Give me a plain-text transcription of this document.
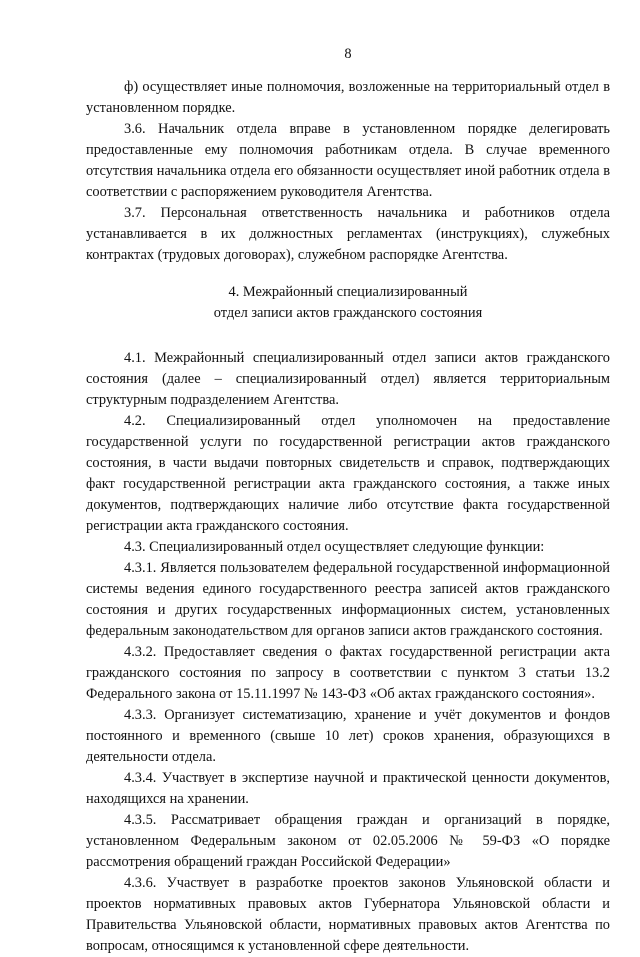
8

ф) осуществляет иные полномочия, возложенные на территориальный отдел в установленном порядке.

3.6. Начальник отдела вправе в установленном порядке делегировать предоставленные ему полномочия работникам отдела. В случае временного отсутствия начальника отдела его обязанности осуществляет иной работник отдела в соответствии с распоряжением руководителя Агентства.

3.7. Персональная ответственность начальника и работников отдела устанавливается в их должностных регламентах (инструкциях), служебных контрактах (трудовых договорах), служебном распорядке Агентства.

4. Межрайонный специализированный
отдел записи актов гражданского состояния

4.1. Межрайонный специализированный отдел записи актов гражданского состояния (далее – специализированный отдел) является территориальным структурным подразделением Агентства.

4.2. Специализированный отдел уполномочен на предоставление государственной услуги по государственной регистрации актов гражданского состояния, в части выдачи повторных свидетельств и справок, подтверждающих факт государственной регистрации акта гражданского состояния, а также иных документов, подтверждающих наличие либо отсутствие факта государственной регистрации акта гражданского состояния.

4.3. Специализированный отдел осуществляет следующие функции:

4.3.1. Является пользователем федеральной государственной информационной системы ведения единого государственного реестра записей актов гражданского состояния и других государственных информационных систем, установленных федеральным законодательством для органов записи актов гражданского состояния.

4.3.2. Предоставляет сведения о фактах государственной регистрации акта гражданского состояния по запросу в соответствии с пунктом 3 статьи 13.2 Федерального закона от 15.11.1997 № 143-ФЗ «Об актах гражданского состояния».

4.3.3. Организует систематизацию, хранение и учёт документов и фондов постоянного и временного (свыше 10 лет) сроков хранения, образующихся в деятельности отдела.

4.3.4. Участвует в экспертизе научной и практической ценности документов, находящихся на хранении.

4.3.5. Рассматривает обращения граждан и организаций в порядке, установленном Федеральным законом от 02.05.2006 № 59-ФЗ «О порядке рассмотрения обращений граждан Российской Федерации»

4.3.6. Участвует в разработке проектов законов Ульяновской области и проектов нормативных правовых актов Губернатора Ульяновской области и Правительства Ульяновской области, нормативных правовых актов Агентства по вопросам, относящимся к установленной сфере деятельности.
